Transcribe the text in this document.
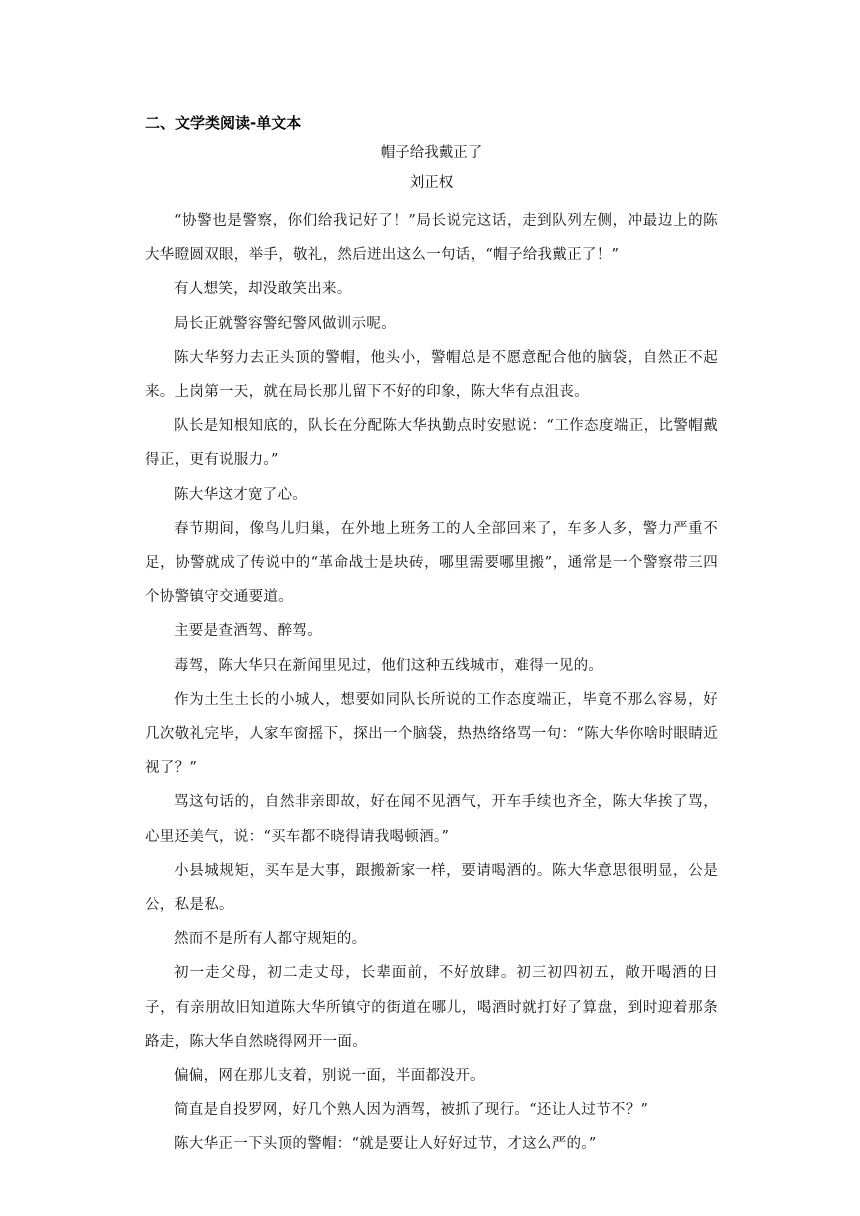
二、文学类阅读-单文本
帽子给我戴正了
刘正权

“协警也是警察，你们给我记好了！”局长说完这话，走到队列左侧，冲最边上的陈大华瞪圆双眼，举手，敬礼，然后迸出这么一句话，“帽子给我戴正了！”

有人想笑，却没敢笑出来。

局长正就警容警纪警风做训示呢。

陈大华努力去正头顶的警帽，他头小，警帽总是不愿意配合他的脑袋，自然正不起来。上岗第一天，就在局长那儿留下不好的印象，陈大华有点沮丧。

队长是知根知底的，队长在分配陈大华执勤点时安慰说：“工作态度端正，比警帽戴得正，更有说服力。”

陈大华这才宽了心。

春节期间，像鸟儿归巢，在外地上班务工的人全部回来了，车多人多，警力严重不足，协警就成了传说中的“革命战士是块砖，哪里需要哪里搬”，通常是一个警察带三四个协警镇守交通要道。

主要是查酒驾、醉驾。

毒驾，陈大华只在新闻里见过，他们这种五线城市，难得一见的。

作为土生土长的小城人，想要如同队长所说的工作态度端正，毕竟不那么容易，好几次敬礼完毕，人家车窗摇下，探出一个脑袋，热热络络骂一句：“陈大华你啥时眼睛近视了？”

骂这句话的，自然非亲即故，好在闻不见酒气，开车手续也齐全，陈大华挨了骂，心里还美气，说：“买车都不晓得请我喝顿酒。”

小县城规矩，买车是大事，跟搬新家一样，要请喝酒的。陈大华意思很明显，公是公，私是私。

然而不是所有人都守规矩的。

初一走父母，初二走丈母，长辈面前，不好放肆。初三初四初五，敞开喝酒的日子，有亲朋故旧知道陈大华所镇守的街道在哪儿，喝酒时就打好了算盘，到时迎着那条路走，陈大华自然晓得网开一面。

偏偏，网在那儿支着，别说一面，半面都没开。

简直是自投罗网，好几个熟人因为酒驾，被抓了现行。“还让人过节不？”

陈大华正一下头顶的警帽：“就是要让人好好过节，才这么严的。”
